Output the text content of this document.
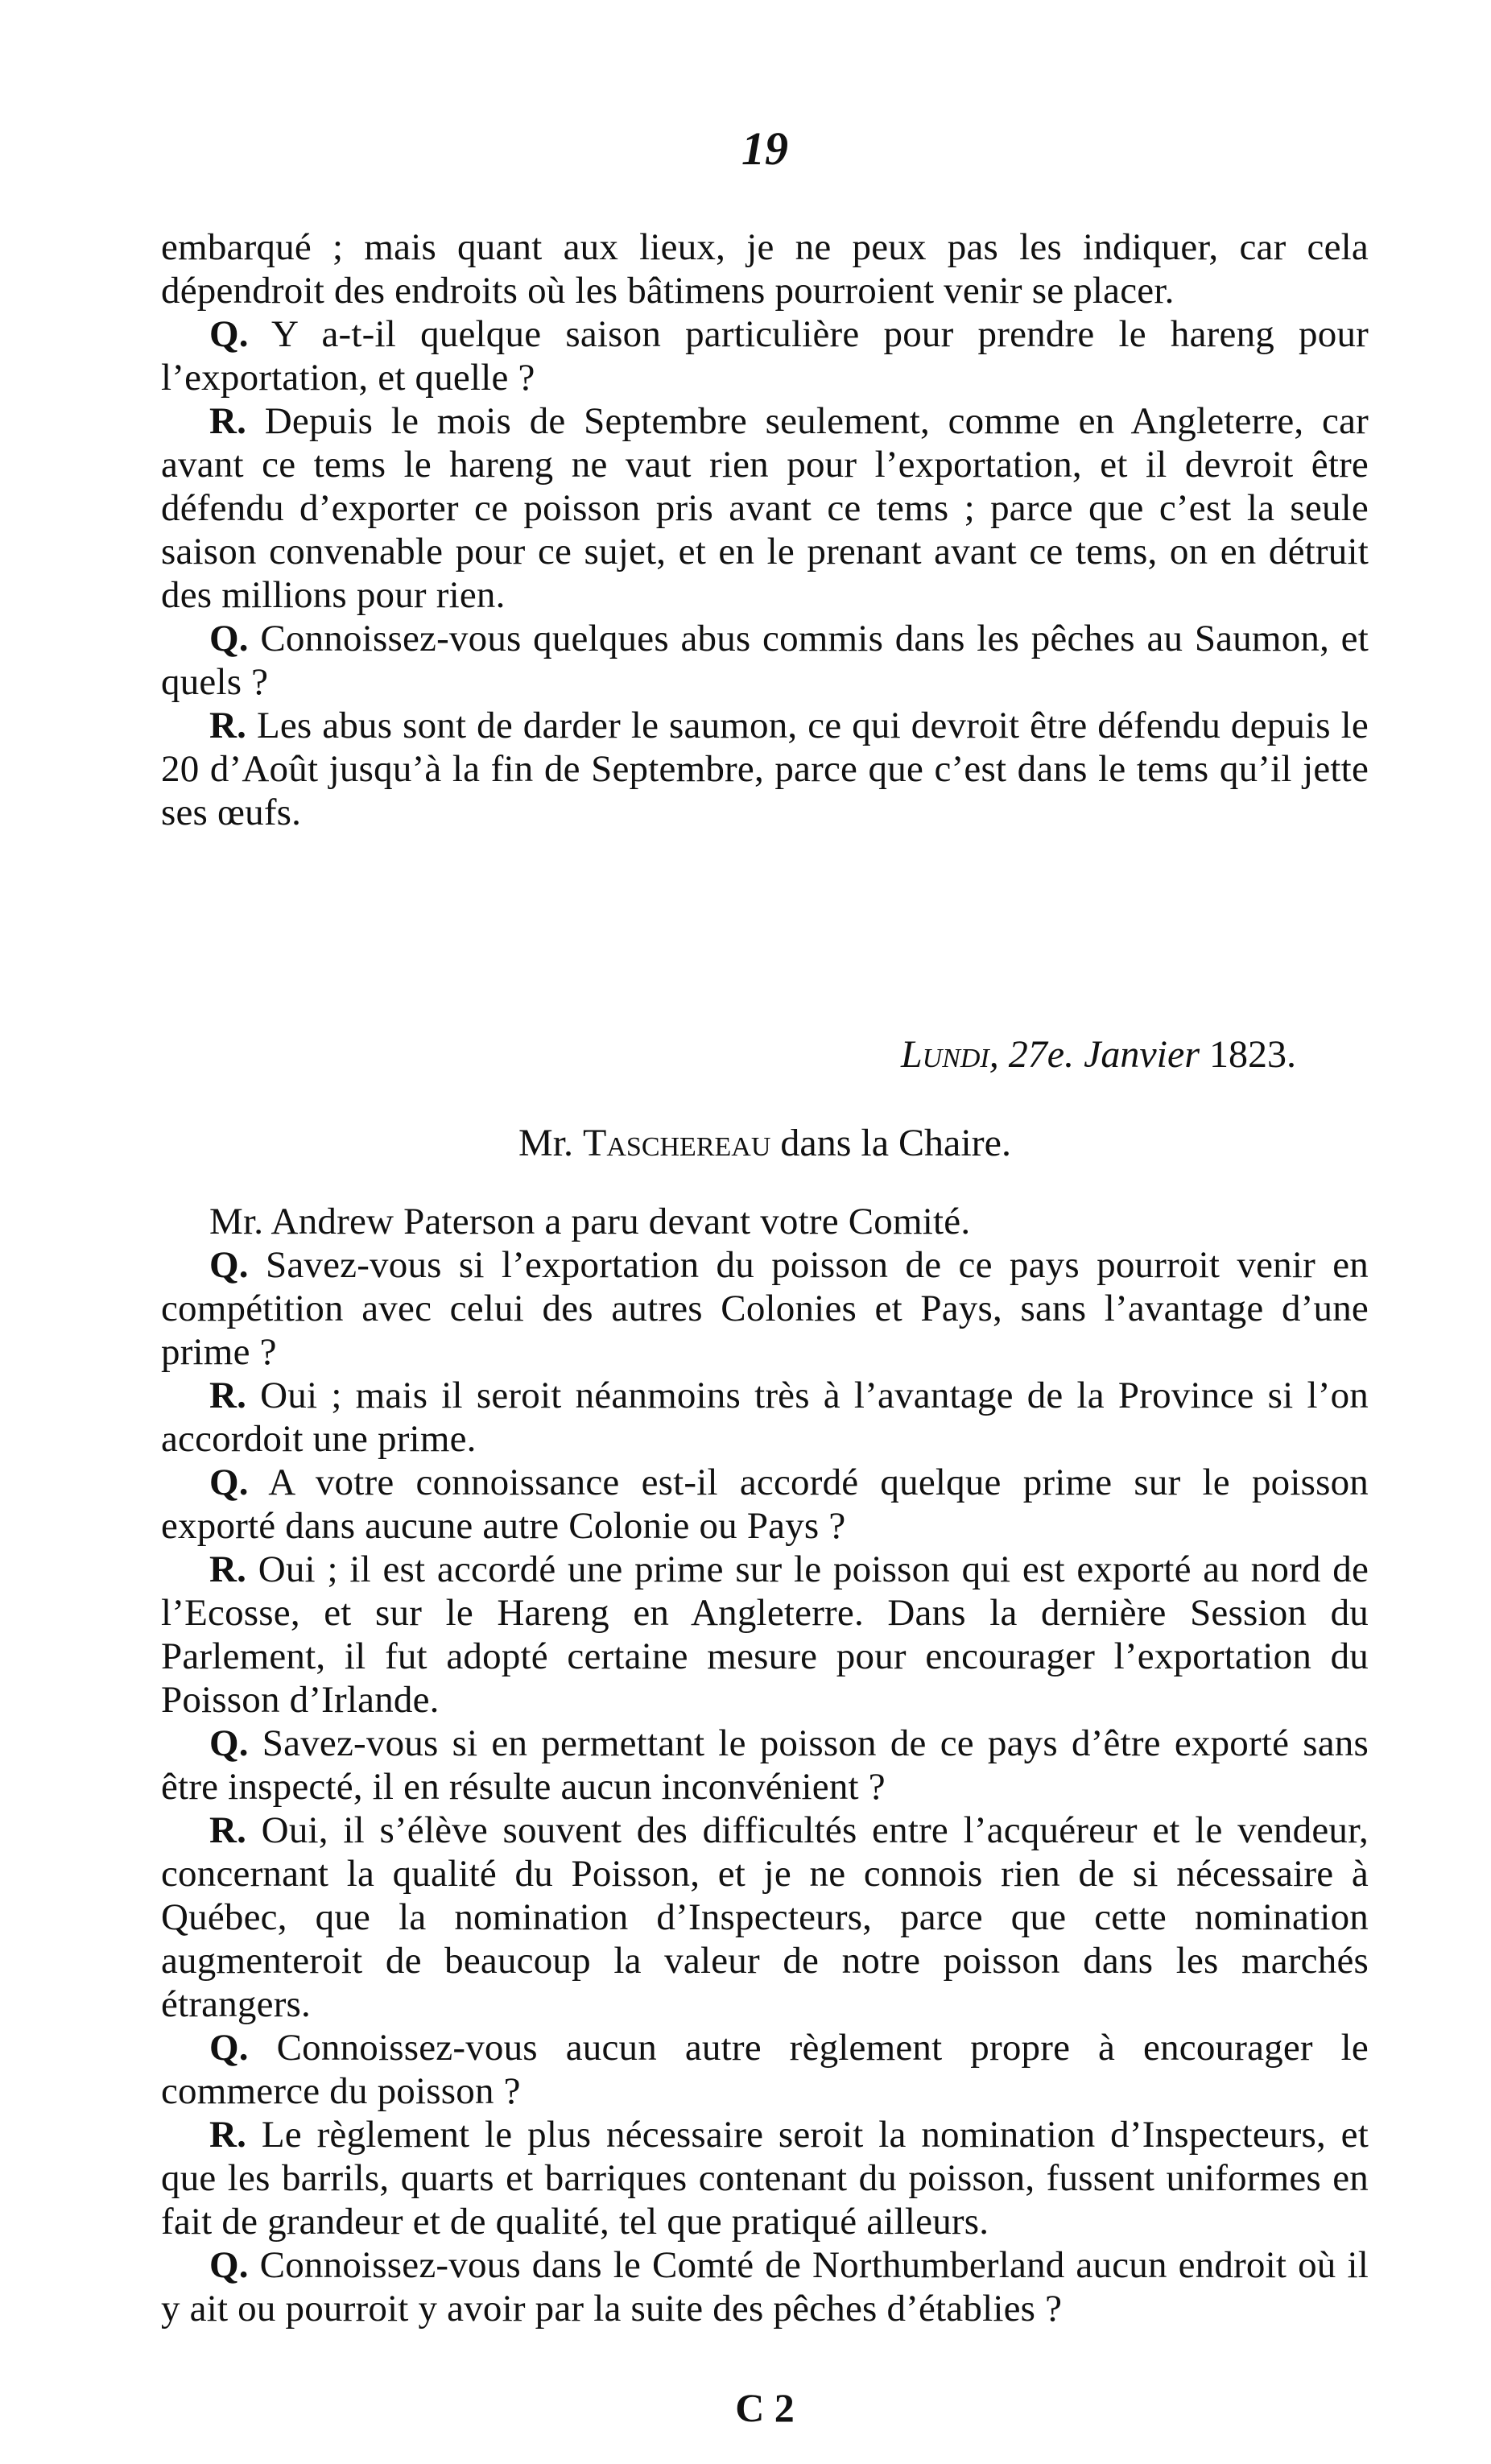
19

embarqué ; mais quant aux lieux, je ne peux pas les indiquer, car cela dépendroit des endroits où les bâtimens pourroient venir se placer.

Q. Y a-t-il quelque saison particulière pour prendre le hareng pour l’exportation, et quelle ?

R. Depuis le mois de Septembre seulement, comme en Angleterre, car avant ce tems le hareng ne vaut rien pour l’exportation, et il devroit être défendu d’exporter ce poisson pris avant ce tems ; parce que c’est la seule saison convenable pour ce sujet, et en le prenant avant ce tems, on en détruit des millions pour rien.

Q. Connoissez-vous quelques abus commis dans les pêches au Saumon, et quels ?

R. Les abus sont de darder le saumon, ce qui devroit être défendu depuis le 20 d’Août jusqu’à la fin de Septembre, parce que c’est dans le tems qu’il jette ses œufs.

Lundi, 27e. Janvier 1823.
Mr. Taschereau dans la Chaire.

Mr. Andrew Paterson a paru devant votre Comité.

Q. Savez-vous si l’exportation du poisson de ce pays pourroit venir en compétition avec celui des autres Colonies et Pays, sans l’avantage d’une prime ?

R. Oui ; mais il seroit néanmoins très à l’avantage de la Province si l’on accordoit une prime.

Q. A votre connoissance est-il accordé quelque prime sur le poisson exporté dans aucune autre Colonie ou Pays ?

R. Oui ; il est accordé une prime sur le poisson qui est exporté au nord de l’Ecosse, et sur le Hareng en Angleterre. Dans la dernière Session du Parlement, il fut adopté certaine mesure pour encourager l’exportation du Poisson d’Irlande.

Q. Savez-vous si en permettant le poisson de ce pays d’être exporté sans être inspecté, il en résulte aucun inconvénient ?

R. Oui, il s’élève souvent des difficultés entre l’acquéreur et le vendeur, concernant la qualité du Poisson, et je ne connois rien de si nécessaire à Québec, que la nomination d’Inspecteurs, parce que cette nomination augmenteroit de beaucoup la valeur de notre poisson dans les marchés étrangers.

Q. Connoissez-vous aucun autre règlement propre à encourager le commerce du poisson ?

R. Le règlement le plus nécessaire seroit la nomination d’Inspecteurs, et que les barrils, quarts et barriques contenant du poisson, fussent uniformes en fait de grandeur et de qualité, tel que pratiqué ailleurs.

Q. Connoissez-vous dans le Comté de Northumberland aucun endroit où il y ait ou pourroit y avoir par la suite des pêches d’établies ?

C 2
